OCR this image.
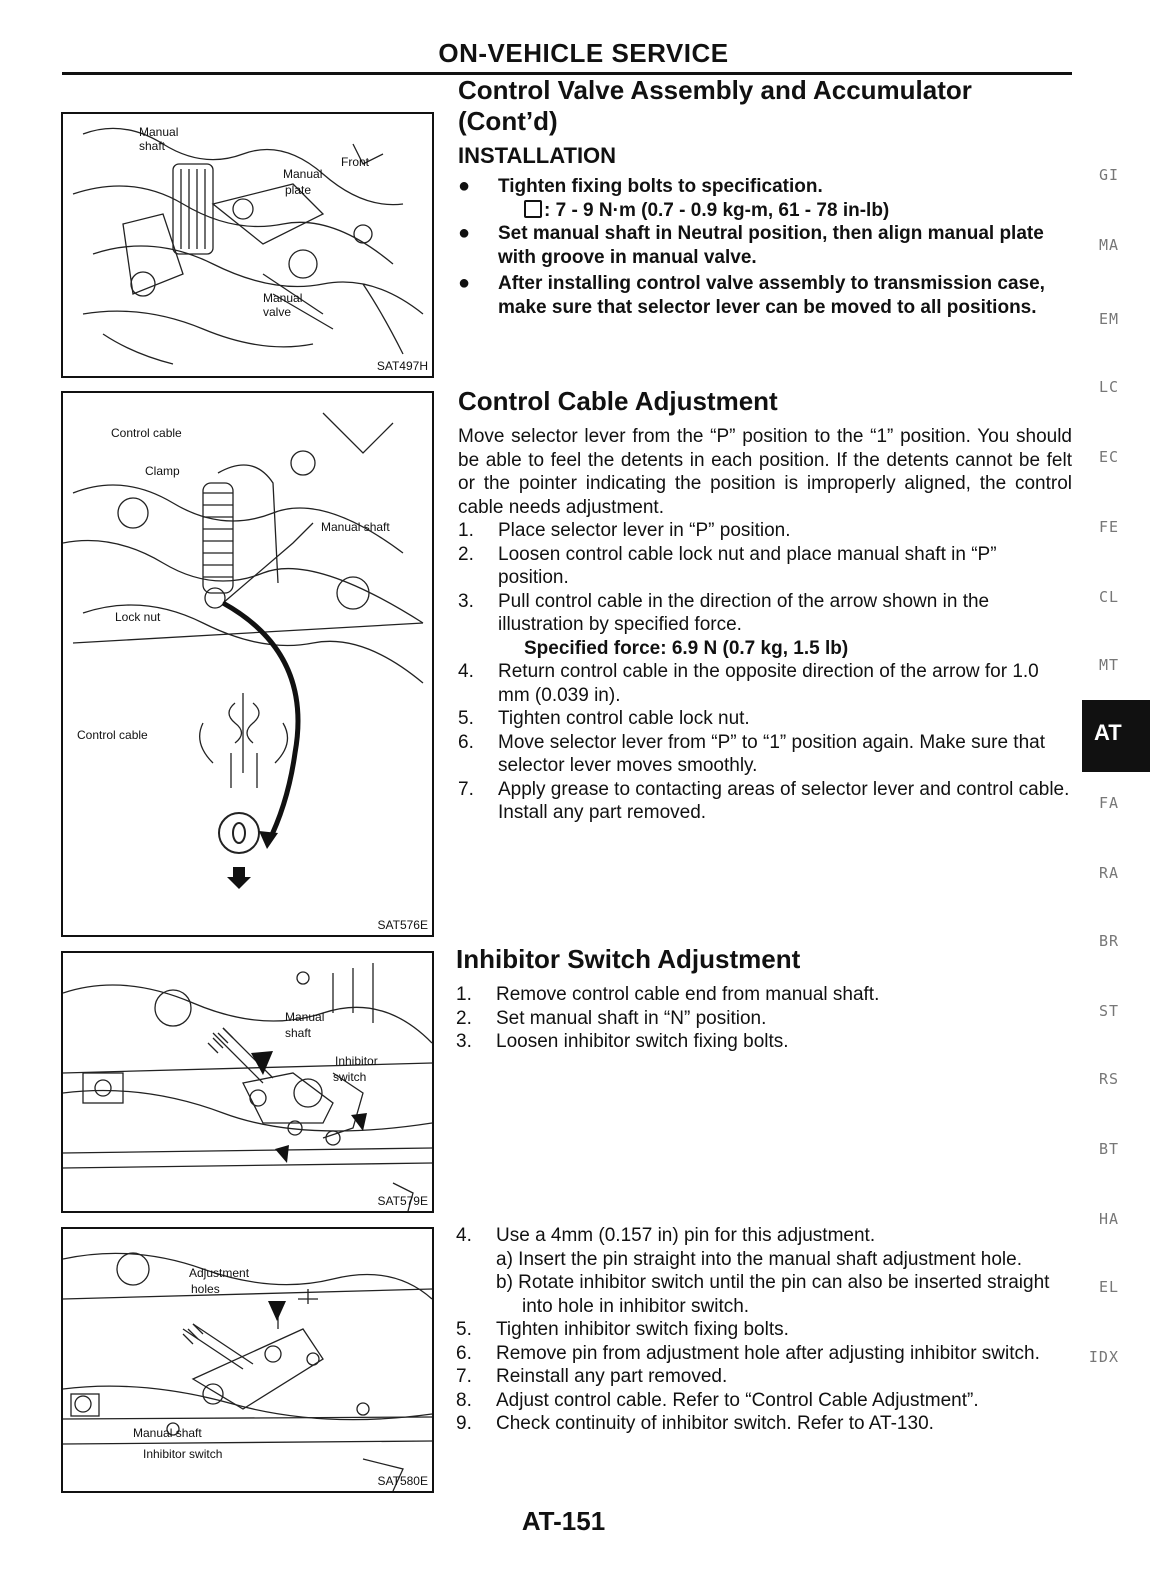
ON-VEHICLE SERVICE
Manual
shaft
Front
Manual
plate
Manual
valve
SAT497H
Control cable
Clamp
Manual shaft
Lock nut
Control cable
SAT576E
Manual
shaft
Inhibitor
switch
SAT579E
Adjustment
holes
Manual shaft
Inhibitor switch
SAT580E
Control Valve Assembly and Accumulator
(Cont’d)
INSTALLATION
● Tighten fixing bolts to specification.
: 7 - 9 N·m (0.7 - 0.9 kg-m, 61 - 78 in-lb)
● Set manual shaft in Neutral position, then align manual plate with groove in manual valve.
● After installing control valve assembly to transmission case, make sure that selector lever can be moved to all positions.
Control Cable Adjustment
Move selector lever from the “P” position to the “1” position. You should be able to feel the detents in each position. If the detents cannot be felt or the pointer indicating the position is improperly aligned, the control cable needs adjustment.
1. Place selector lever in “P” position.
2. Loosen control cable lock nut and place manual shaft in “P” position.
3. Pull control cable in the direction of the arrow shown in the illustration by specified force.
Specified force: 6.9 N (0.7 kg, 1.5 lb)
4. Return control cable in the opposite direction of the arrow for 1.0 mm (0.039 in).
5. Tighten control cable lock nut.
6. Move selector lever from “P” to “1” position again. Make sure that selector lever moves smoothly.
7. Apply grease to contacting areas of selector lever and control cable. Install any part removed.
Inhibitor Switch Adjustment
1. Remove control cable end from manual shaft.
2. Set manual shaft in “N” position.
3. Loosen inhibitor switch fixing bolts.
4. Use a 4mm (0.157 in) pin for this adjustment.
a) Insert the pin straight into the manual shaft adjustment hole.
b) Rotate inhibitor switch until the pin can also be inserted straight into hole in inhibitor switch.
5. Tighten inhibitor switch fixing bolts.
6. Remove pin from adjustment hole after adjusting inhibitor switch.
7. Reinstall any part removed.
8. Adjust control cable. Refer to “Control Cable Adjustment”.
9. Check continuity of inhibitor switch. Refer to AT-130.
GI
MA
EM
LC
EC
FE
CL
MT
AT
FA
RA
BR
ST
RS
BT
HA
EL
IDX
AT-151
